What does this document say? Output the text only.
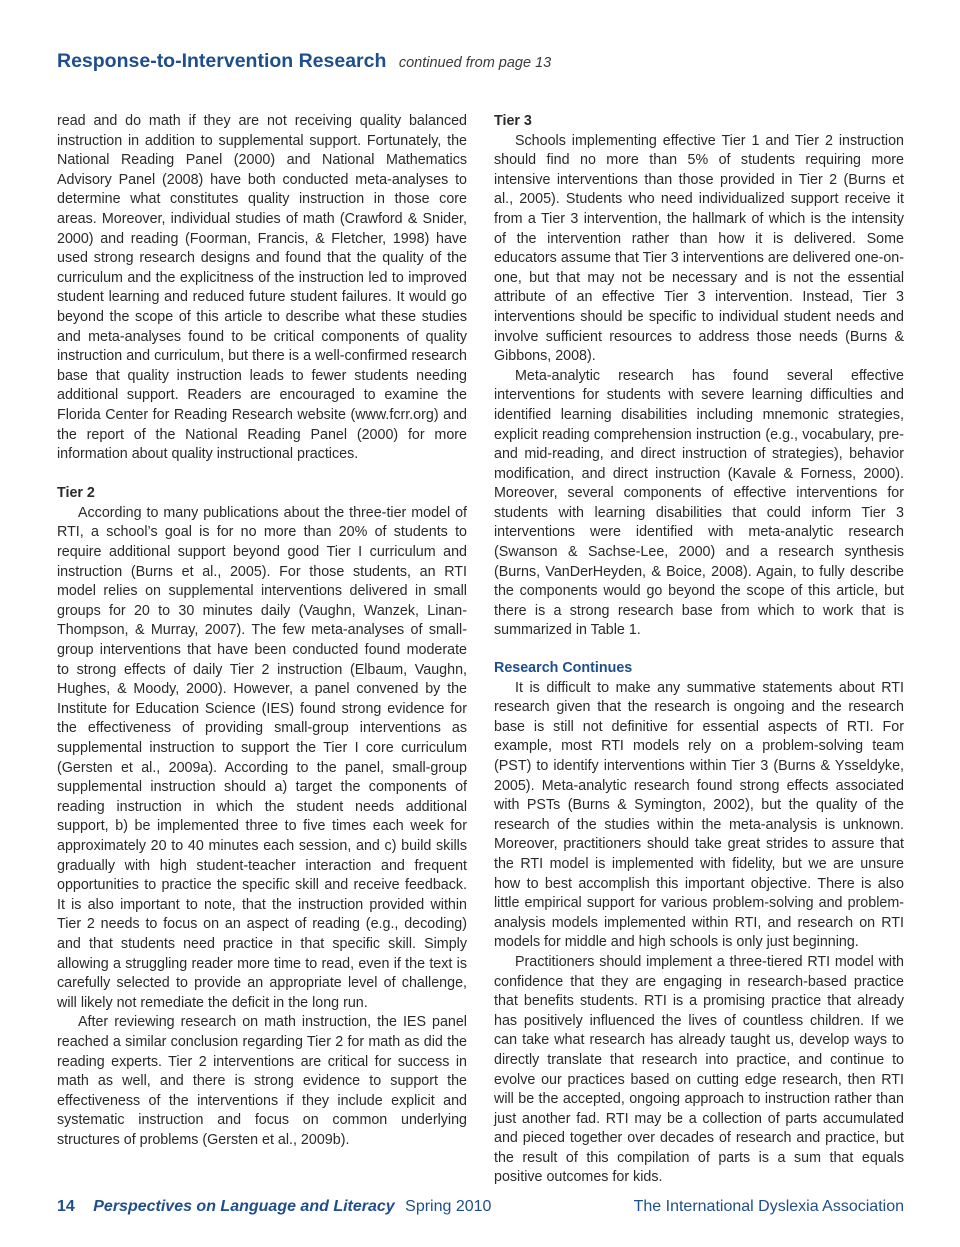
Response-to-Intervention Research continued from page 13

read and do math if they are not receiving quality balanced instruction in addition to supplemental support. Fortunately, the National Reading Panel (2000) and National Mathematics Advisory Panel (2008) have both conducted meta-analyses to determine what constitutes quality instruction in those core areas. Moreover, individual studies of math (Crawford & Snider, 2000) and reading (Foorman, Francis, & Fletcher, 1998) have used strong research designs and found that the quality of the curriculum and the explicitness of the instruction led to improved student learning and reduced future student failures. It would go beyond the scope of this article to describe what these studies and meta-analyses found to be critical components of quality instruction and curriculum, but there is a well-confirmed research base that quality instruction leads to fewer students needing additional support. Readers are encouraged to examine the Florida Center for Reading Research website (www.fcrr.org) and the report of the National Reading Panel (2000) for more information about quality instructional practices.

Tier 2

According to many publications about the three-tier model of RTI, a school’s goal is for no more than 20% of students to require additional support beyond good Tier I curriculum and instruction (Burns et al., 2005). For those students, an RTI model relies on supplemental interventions delivered in small groups for 20 to 30 minutes daily (Vaughn, Wanzek, Linan-Thompson, & Murray, 2007). The few meta-analyses of small-group interventions that have been conducted found moderate to strong effects of daily Tier 2 instruction (Elbaum, Vaughn, Hughes, & Moody, 2000). However, a panel convened by the Institute for Education Science (IES) found strong evidence for the effectiveness of providing small-group interventions as supplemental instruction to support the Tier I core curriculum (Gersten et al., 2009a). According to the panel, small-group supplemental instruction should a) target the components of reading instruction in which the student needs additional support, b) be implemented three to five times each week for approximately 20 to 40 minutes each session, and c) build skills gradually with high student-teacher interaction and frequent opportunities to practice the specific skill and receive feedback. It is also important to note, that the instruction provided within Tier 2 needs to focus on an aspect of reading (e.g., decoding) and that students need practice in that specific skill. Simply allowing a struggling reader more time to read, even if the text is carefully selected to provide an appropriate level of challenge, will likely not remediate the deficit in the long run.

After reviewing research on math instruction, the IES panel reached a similar conclusion regarding Tier 2 for math as did the reading experts. Tier 2 interventions are critical for success in math as well, and there is strong evidence to support the effectiveness of the interventions if they include explicit and systematic instruction and focus on common underlying structures of problems (Gersten et al., 2009b).

Tier 3

Schools implementing effective Tier 1 and Tier 2 instruction should find no more than 5% of students requiring more intensive interventions than those provided in Tier 2 (Burns et al., 2005). Students who need individualized support receive it from a Tier 3 intervention, the hallmark of which is the intensity of the intervention rather than how it is delivered. Some educators assume that Tier 3 interventions are delivered one-on-one, but that may not be necessary and is not the essential attribute of an effective Tier 3 intervention. Instead, Tier 3 interventions should be specific to individual student needs and involve sufficient resources to address those needs (Burns & Gibbons, 2008).

Meta-analytic research has found several effective interventions for students with severe learning difficulties and identified learning disabilities including mnemonic strategies, explicit reading comprehension instruction (e.g., vocabulary, pre- and mid-reading, and direct instruction of strategies), behavior modification, and direct instruction (Kavale & Forness, 2000). Moreover, several components of effective interventions for students with learning disabilities that could inform Tier 3 interventions were identified with meta-analytic research (Swanson & Sachse-Lee, 2000) and a research synthesis (Burns, VanDerHeyden, & Boice, 2008). Again, to fully describe the components would go beyond the scope of this article, but there is a strong research base from which to work that is summarized in Table 1.

Research Continues

It is difficult to make any summative statements about RTI research given that the research is ongoing and the research base is still not definitive for essential aspects of RTI. For example, most RTI models rely on a problem-solving team (PST) to identify interventions within Tier 3 (Burns & Ysseldyke, 2005). Meta-analytic research found strong effects associated with PSTs (Burns & Symington, 2002), but the quality of the research of the studies within the meta-analysis is unknown. Moreover, practitioners should take great strides to assure that the RTI model is implemented with fidelity, but we are unsure how to best accomplish this important objective. There is also little empirical support for various problem-solving and problem-analysis models implemented within RTI, and research on RTI models for middle and high schools is only just beginning.

Practitioners should implement a three-tiered RTI model with confidence that they are engaging in research-based practice that benefits students. RTI is a promising practice that already has positively influenced the lives of countless children. If we can take what research has already taught us, develop ways to directly translate that research into practice, and continue to evolve our practices based on cutting edge research, then RTI will be the accepted, ongoing approach to instruction rather than just another fad. RTI may be a collection of parts accumulated and pieced together over decades of research and practice, but the result of this compilation of parts is a sum that equals positive outcomes for kids.

14 Perspectives on Language and Literacy Spring 2010	The International Dyslexia Association
